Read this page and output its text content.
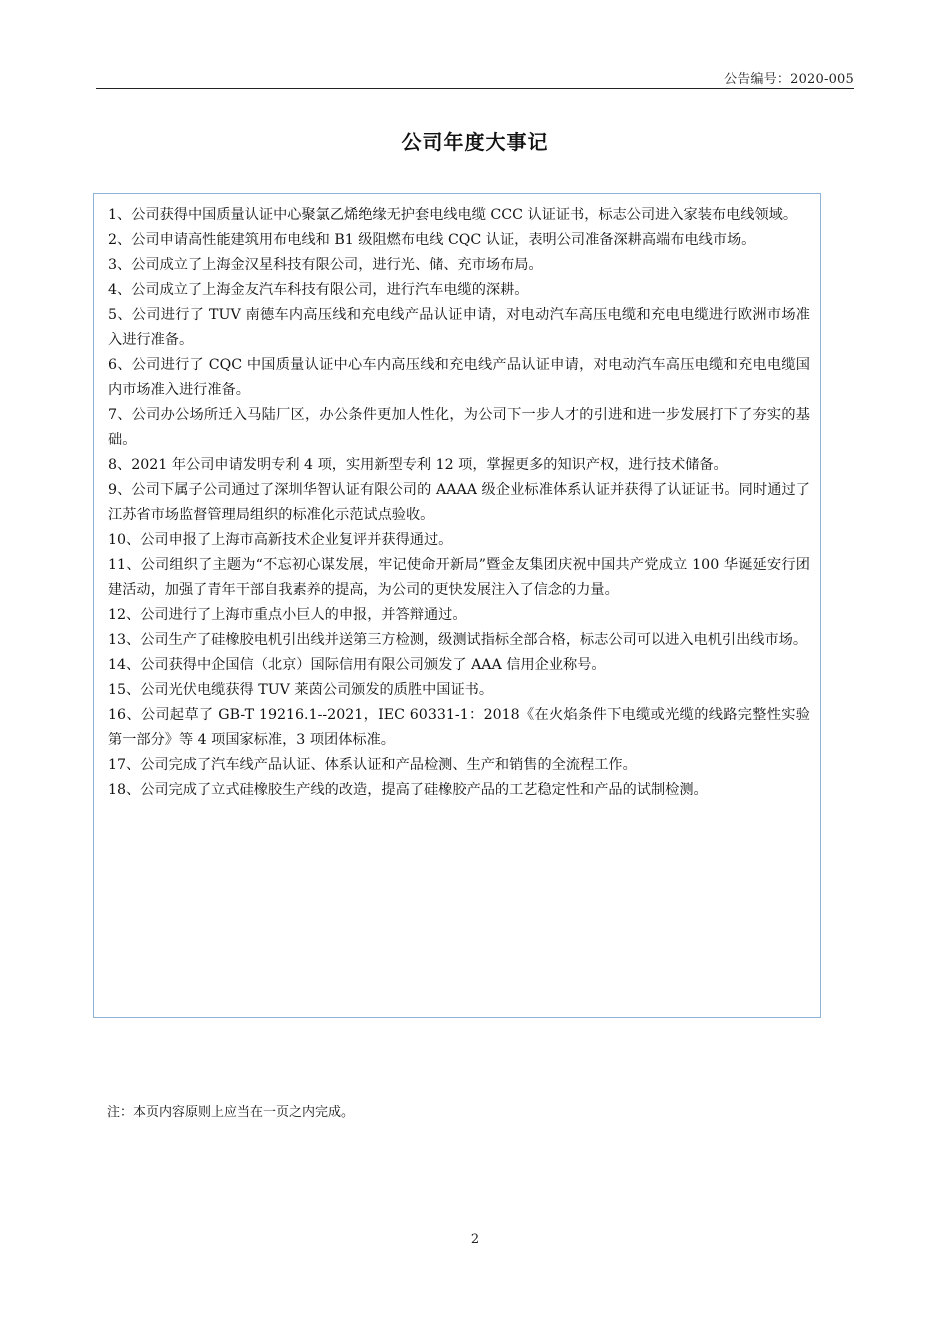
公告编号：2020-005
公司年度大事记

1、公司获得中国质量认证中心聚氯乙烯绝缘无护套电线电缆 CCC 认证证书，标志公司进入家装布电线领域。

2、公司申请高性能建筑用布电线和 B1 级阻燃布电线 CQC 认证，表明公司准备深耕高端布电线市场。

3、公司成立了上海金汉星科技有限公司，进行光、储、充市场布局。

4、公司成立了上海金友汽车科技有限公司，进行汽车电缆的深耕。

5、公司进行了 TUV 南德车内高压线和充电线产品认证申请，对电动汽车高压电缆和充电电缆进行欧洲市场准入进行准备。

6、公司进行了 CQC 中国质量认证中心车内高压线和充电线产品认证申请，对电动汽车高压电缆和充电电缆国内市场准入进行准备。

7、公司办公场所迁入马陆厂区，办公条件更加人性化，为公司下一步人才的引进和进一步发展打下了夯实的基础。

8、2021 年公司申请发明专利 4 项，实用新型专利 12 项，掌握更多的知识产权，进行技术储备。

9、公司下属子公司通过了深圳华智认证有限公司的 AAAA 级企业标准体系认证并获得了认证证书。同时通过了江苏省市场监督管理局组织的标准化示范试点验收。

10、公司申报了上海市高新技术企业复评并获得通过。

11、公司组织了主题为“不忘初心谋发展，牢记使命开新局”暨金友集团庆祝中国共产党成立 100 华诞延安行团建活动，加强了青年干部自我素养的提高，为公司的更快发展注入了信念的力量。

12、公司进行了上海市重点小巨人的申报，并答辩通过。

13、公司生产了硅橡胶电机引出线并送第三方检测，级测试指标全部合格，标志公司可以进入电机引出线市场。

14、公司获得中企国信（北京）国际信用有限公司颁发了 AAA 信用企业称号。

15、公司光伏电缆获得 TUV 莱茵公司颁发的质胜中国证书。

16、公司起草了 GB-T 19216.1--2021，IEC 60331-1：2018《在火焰条件下电缆或光缆的线路完整性实验第一部分》等 4 项国家标准，3 项团体标准。

17、公司完成了汽车线产品认证、体系认证和产品检测、生产和销售的全流程工作。

18、公司完成了立式硅橡胶生产线的改造，提高了硅橡胶产品的工艺稳定性和产品的试制检测。

注：本页内容原则上应当在一页之内完成。
2
